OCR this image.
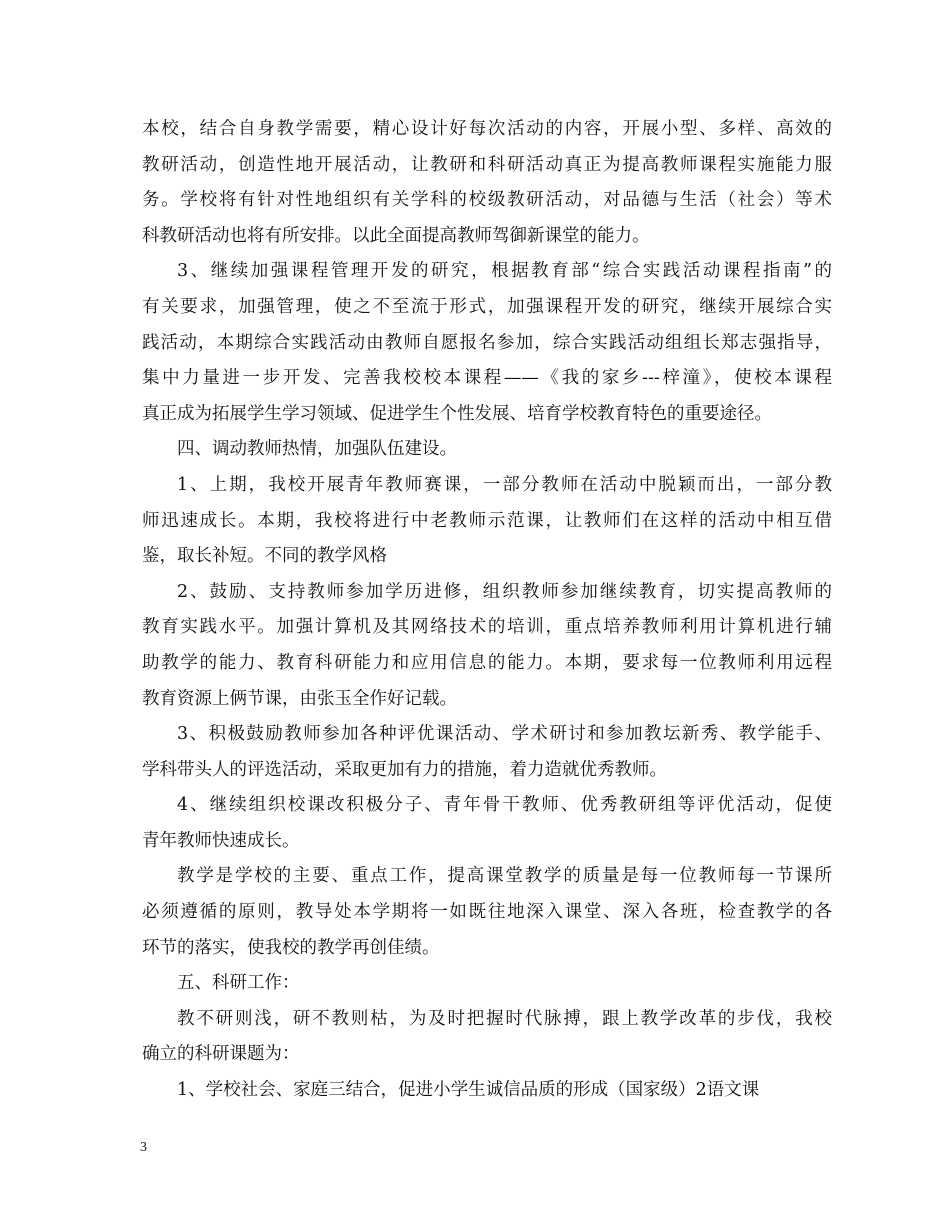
本校，结合自身教学需要，精心设计好每次活动的内容，开展小型、多样、高效的
教研活动，创造性地开展活动，让教研和科研活动真正为提高教师课程实施能力服
务。学校将有针对性地组织有关学科的校级教研活动，对品德与生活（社会）等术
科教研活动也将有所安排。以此全面提高教师驾御新课堂的能力。

3、继续加强课程管理开发的研究，根据教育部“综合实践活动课程指南”的
有关要求，加强管理，使之不至流于形式，加强课程开发的研究，继续开展综合实
践活动，本期综合实践活动由教师自愿报名参加，综合实践活动组组长郑志强指导，
集中力量进一步开发、完善我校校本课程——《我的家乡---梓潼》，使校本课程
真正成为拓展学生学习领域、促进学生个性发展、培育学校教育特色的重要途径。

四、调动教师热情，加强队伍建设。

1、上期，我校开展青年教师赛课，一部分教师在活动中脱颖而出，一部分教
师迅速成长。本期，我校将进行中老教师示范课，让教师们在这样的活动中相互借
鉴，取长补短。不同的教学风格

2、鼓励、支持教师参加学历进修，组织教师参加继续教育，切实提高教师的
教育实践水平。加强计算机及其网络技术的培训，重点培养教师利用计算机进行辅
助教学的能力、教育科研能力和应用信息的能力。本期，要求每一位教师利用远程
教育资源上俩节课，由张玉全作好记载。

3、积极鼓励教师参加各种评优课活动、学术研讨和参加教坛新秀、教学能手、
学科带头人的评选活动，采取更加有力的措施，着力造就优秀教师。

4、继续组织校课改积极分子、青年骨干教师、优秀教研组等评优活动，促使
青年教师快速成长。

教学是学校的主要、重点工作，提高课堂教学的质量是每一位教师每一节课所
必须遵循的原则，教导处本学期将一如既往地深入课堂、深入各班，检查教学的各
环节的落实，使我校的教学再创佳绩。

五、科研工作：

教不研则浅，研不教则枯，为及时把握时代脉搏，跟上教学改革的步伐，我校
确立的科研课题为：

1、学校社会、家庭三结合，促进小学生诚信品质的形成（国家级）2语文课

3
